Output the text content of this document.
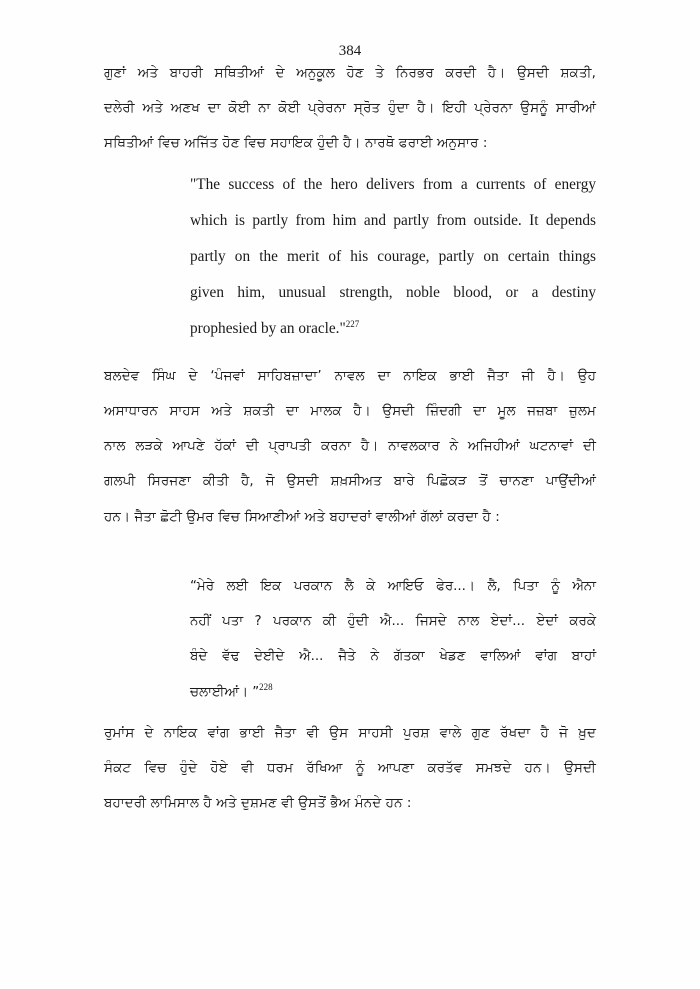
384
ਗੁਣਾਂ ਅਤੇ ਬਾਹਰੀ ਸਥਿਤੀਆਂ ਦੇ ਅਨੁਕੂਲ ਹੋਣ ਤੇ ਨਿਰਭਰ ਕਰਦੀ ਹੈ। ਉਸਦੀ ਸ਼ਕਤੀ,
ਦਲੇਰੀ ਅਤੇ ਅਣਖ ਦਾ ਕੋਈ ਨਾ ਕੋਈ ਪ੍ਰੇਰਨਾ ਸ੍ਰੋਤ ਹੁੰਦਾ ਹੈ। ਇਹੀ ਪ੍ਰੇਰਨਾ ਉਸਨੂੰ ਸਾਰੀਆਂ
ਸਥਿਤੀਆਂ ਵਿਚ ਅਜਿੱਤ ਹੋਣ ਵਿਚ ਸਹਾਇਕ ਹੁੰਦੀ ਹੈ। ਨਾਰਥੋ ਫਰਾਈ ਅਨੁਸਾਰ :
"The success of the hero delivers from a currents of energy
which is partly from him and partly from outside. It depends
partly on the merit of his courage, partly on certain things
given him, unusual strength, noble blood, or a destiny
prophesied by an oracle."$^{227}$
ਬਲਦੇਵ ਸਿੰਘ ਦੇ ‘ਪੰਜਵਾਂ ਸਾਹਿਬਜ਼ਾਦਾ’ ਨਾਵਲ ਦਾ ਨਾਇਕ ਭਾਈ ਜੈਤਾ ਜੀ ਹੈ। ਉਹ
ਅਸਾਧਾਰਨ ਸਾਹਸ ਅਤੇ ਸ਼ਕਤੀ ਦਾ ਮਾਲਕ ਹੈ। ਉਸਦੀ ਜ਼ਿੰਦਗੀ ਦਾ ਮੂਲ ਜਜ਼ਬਾ ਜ਼ੁਲਮ
ਨਾਲ ਲੜਕੇ ਆਪਣੇ ਹੱਕਾਂ ਦੀ ਪ੍ਰਾਪਤੀ ਕਰਨਾ ਹੈ। ਨਾਵਲਕਾਰ ਨੇ ਅਜਿਹੀਆਂ ਘਟਨਾਵਾਂ ਦੀ
ਗਲਪੀ ਸਿਰਜਣਾ ਕੀਤੀ ਹੈ, ਜੋ ਉਸਦੀ ਸ਼ਖ਼ਸੀਅਤ ਬਾਰੇ ਪਿਛੋਕੜ ਤੋਂ ਚਾਨਣਾ ਪਾਉਂਦੀਆਂ
ਹਨ। ਜੈਤਾ ਛੋਟੀ ਉਮਰ ਵਿਚ ਸਿਆਣੀਆਂ ਅਤੇ ਬਹਾਦਰਾਂ ਵਾਲੀਆਂ ਗੱਲਾਂ ਕਰਦਾ ਹੈ :
“ਮੇਰੇ ਲਈ ਇਕ ਪਰਕਾਨ ਲੈ ਕੇ ਆਇਓ ਫੇਰ...। ਲੈ, ਪਿਤਾ ਨੂੰ ਐਨਾ
ਨਹੀਂ ਪਤਾ ? ਪਰਕਾਨ ਕੀ ਹੁੰਦੀ ਐ... ਜਿਸਦੇ ਨਾਲ ਏਦਾਂ... ਏਦਾਂ ਕਰਕੇ
ਬੰਦੇ ਵੱਢ ਦੇਈਦੇ ਐ... ਜੈਤੇ ਨੇ ਗੱਤਕਾ ਖੇਡਣ ਵਾਲਿਆਂ ਵਾਂਗ ਬਾਹਾਂ
ਚਲਾਈਆਂ। ”$^{228}$
ਰੁਮਾਂਸ ਦੇ ਨਾਇਕ ਵਾਂਗ ਭਾਈ ਜੈਤਾ ਵੀ ਉਸ ਸਾਹਸੀ ਪੁਰਸ਼ ਵਾਲੇ ਗੁਣ ਰੱਖਦਾ ਹੈ ਜੋ ਖ਼ੁਦ
ਸੰਕਟ ਵਿਚ ਹੁੰਦੇ ਹੋਏ ਵੀ ਧਰਮ ਰੱਖਿਆ ਨੂੰ ਆਪਣਾ ਕਰਤੱਵ ਸਮਝਦੇ ਹਨ। ਉਸਦੀ
ਬਹਾਦਰੀ ਲਾਮਿਸਾਲ ਹੈ ਅਤੇ ਦੁਸ਼ਮਣ ਵੀ ਉਸਤੋਂ ਭੈਅ ਮੰਨਦੇ ਹਨ :
